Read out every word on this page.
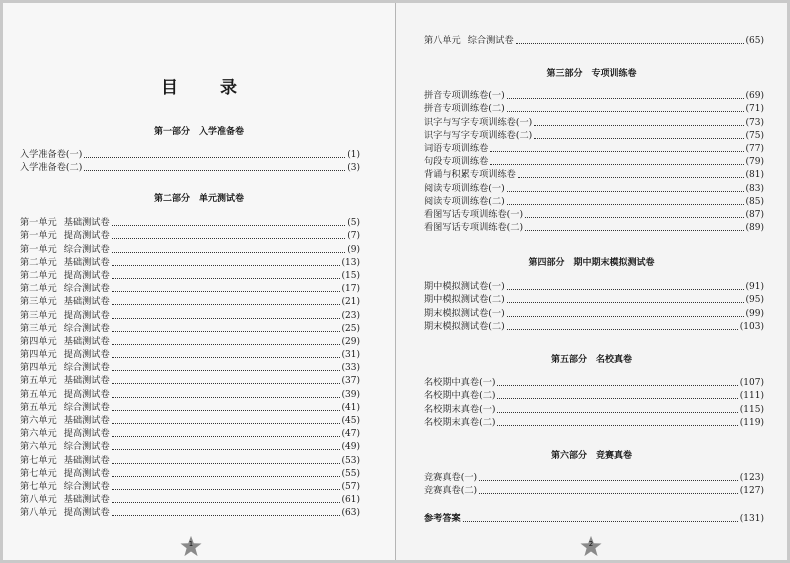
目 录
第一部分　入学准备卷
入学准备卷(一)	(1)
入学准备卷(二)	(3)
第二部分　单元测试卷
第一单元 基础测试卷	(5)
第一单元 提高测试卷	(7)
第一单元 综合测试卷	(9)
第二单元 基础测试卷	(13)
第二单元 提高测试卷	(15)
第二单元 综合测试卷	(17)
第三单元 基础测试卷	(21)
第三单元 提高测试卷	(23)
第三单元 综合测试卷	(25)
第四单元 基础测试卷	(29)
第四单元 提高测试卷	(31)
第四单元 综合测试卷	(33)
第五单元 基础测试卷	(37)
第五单元 提高测试卷	(39)
第五单元 综合测试卷	(41)
第六单元 基础测试卷	(45)
第六单元 提高测试卷	(47)
第六单元 综合测试卷	(49)
第七单元 基础测试卷	(53)
第七单元 提高测试卷	(55)
第七单元 综合测试卷	(57)
第八单元 基础测试卷	(61)
第八单元 提高测试卷	(63)
1
第八单元 综合测试卷	(65)
第三部分　专项训练卷
拼音专项训练卷(一)	(69)
拼音专项训练卷(二)	(71)
识字与写字专项训练卷(一)	(73)
识字与写字专项训练卷(二)	(75)
词语专项训练卷	(77)
句段专项训练卷	(79)
背诵与积累专项训练卷	(81)
阅读专项训练卷(一)	(83)
阅读专项训练卷(二)	(85)
看图写话专项训练卷(一)	(87)
看图写话专项训练卷(二)	(89)
第四部分　期中期末模拟测试卷
期中模拟测试卷(一)	(91)
期中模拟测试卷(二)	(95)
期末模拟测试卷(一)	(99)
期末模拟测试卷(二)	(103)
第五部分　名校真卷
名校期中真卷(一)	(107)
名校期中真卷(二)	(111)
名校期末真卷(一)	(115)
名校期末真卷(二)	(119)
第六部分　竞赛真卷
竞赛真卷(一)	(123)
竞赛真卷(二)	(127)
参考答案	(131)
2
